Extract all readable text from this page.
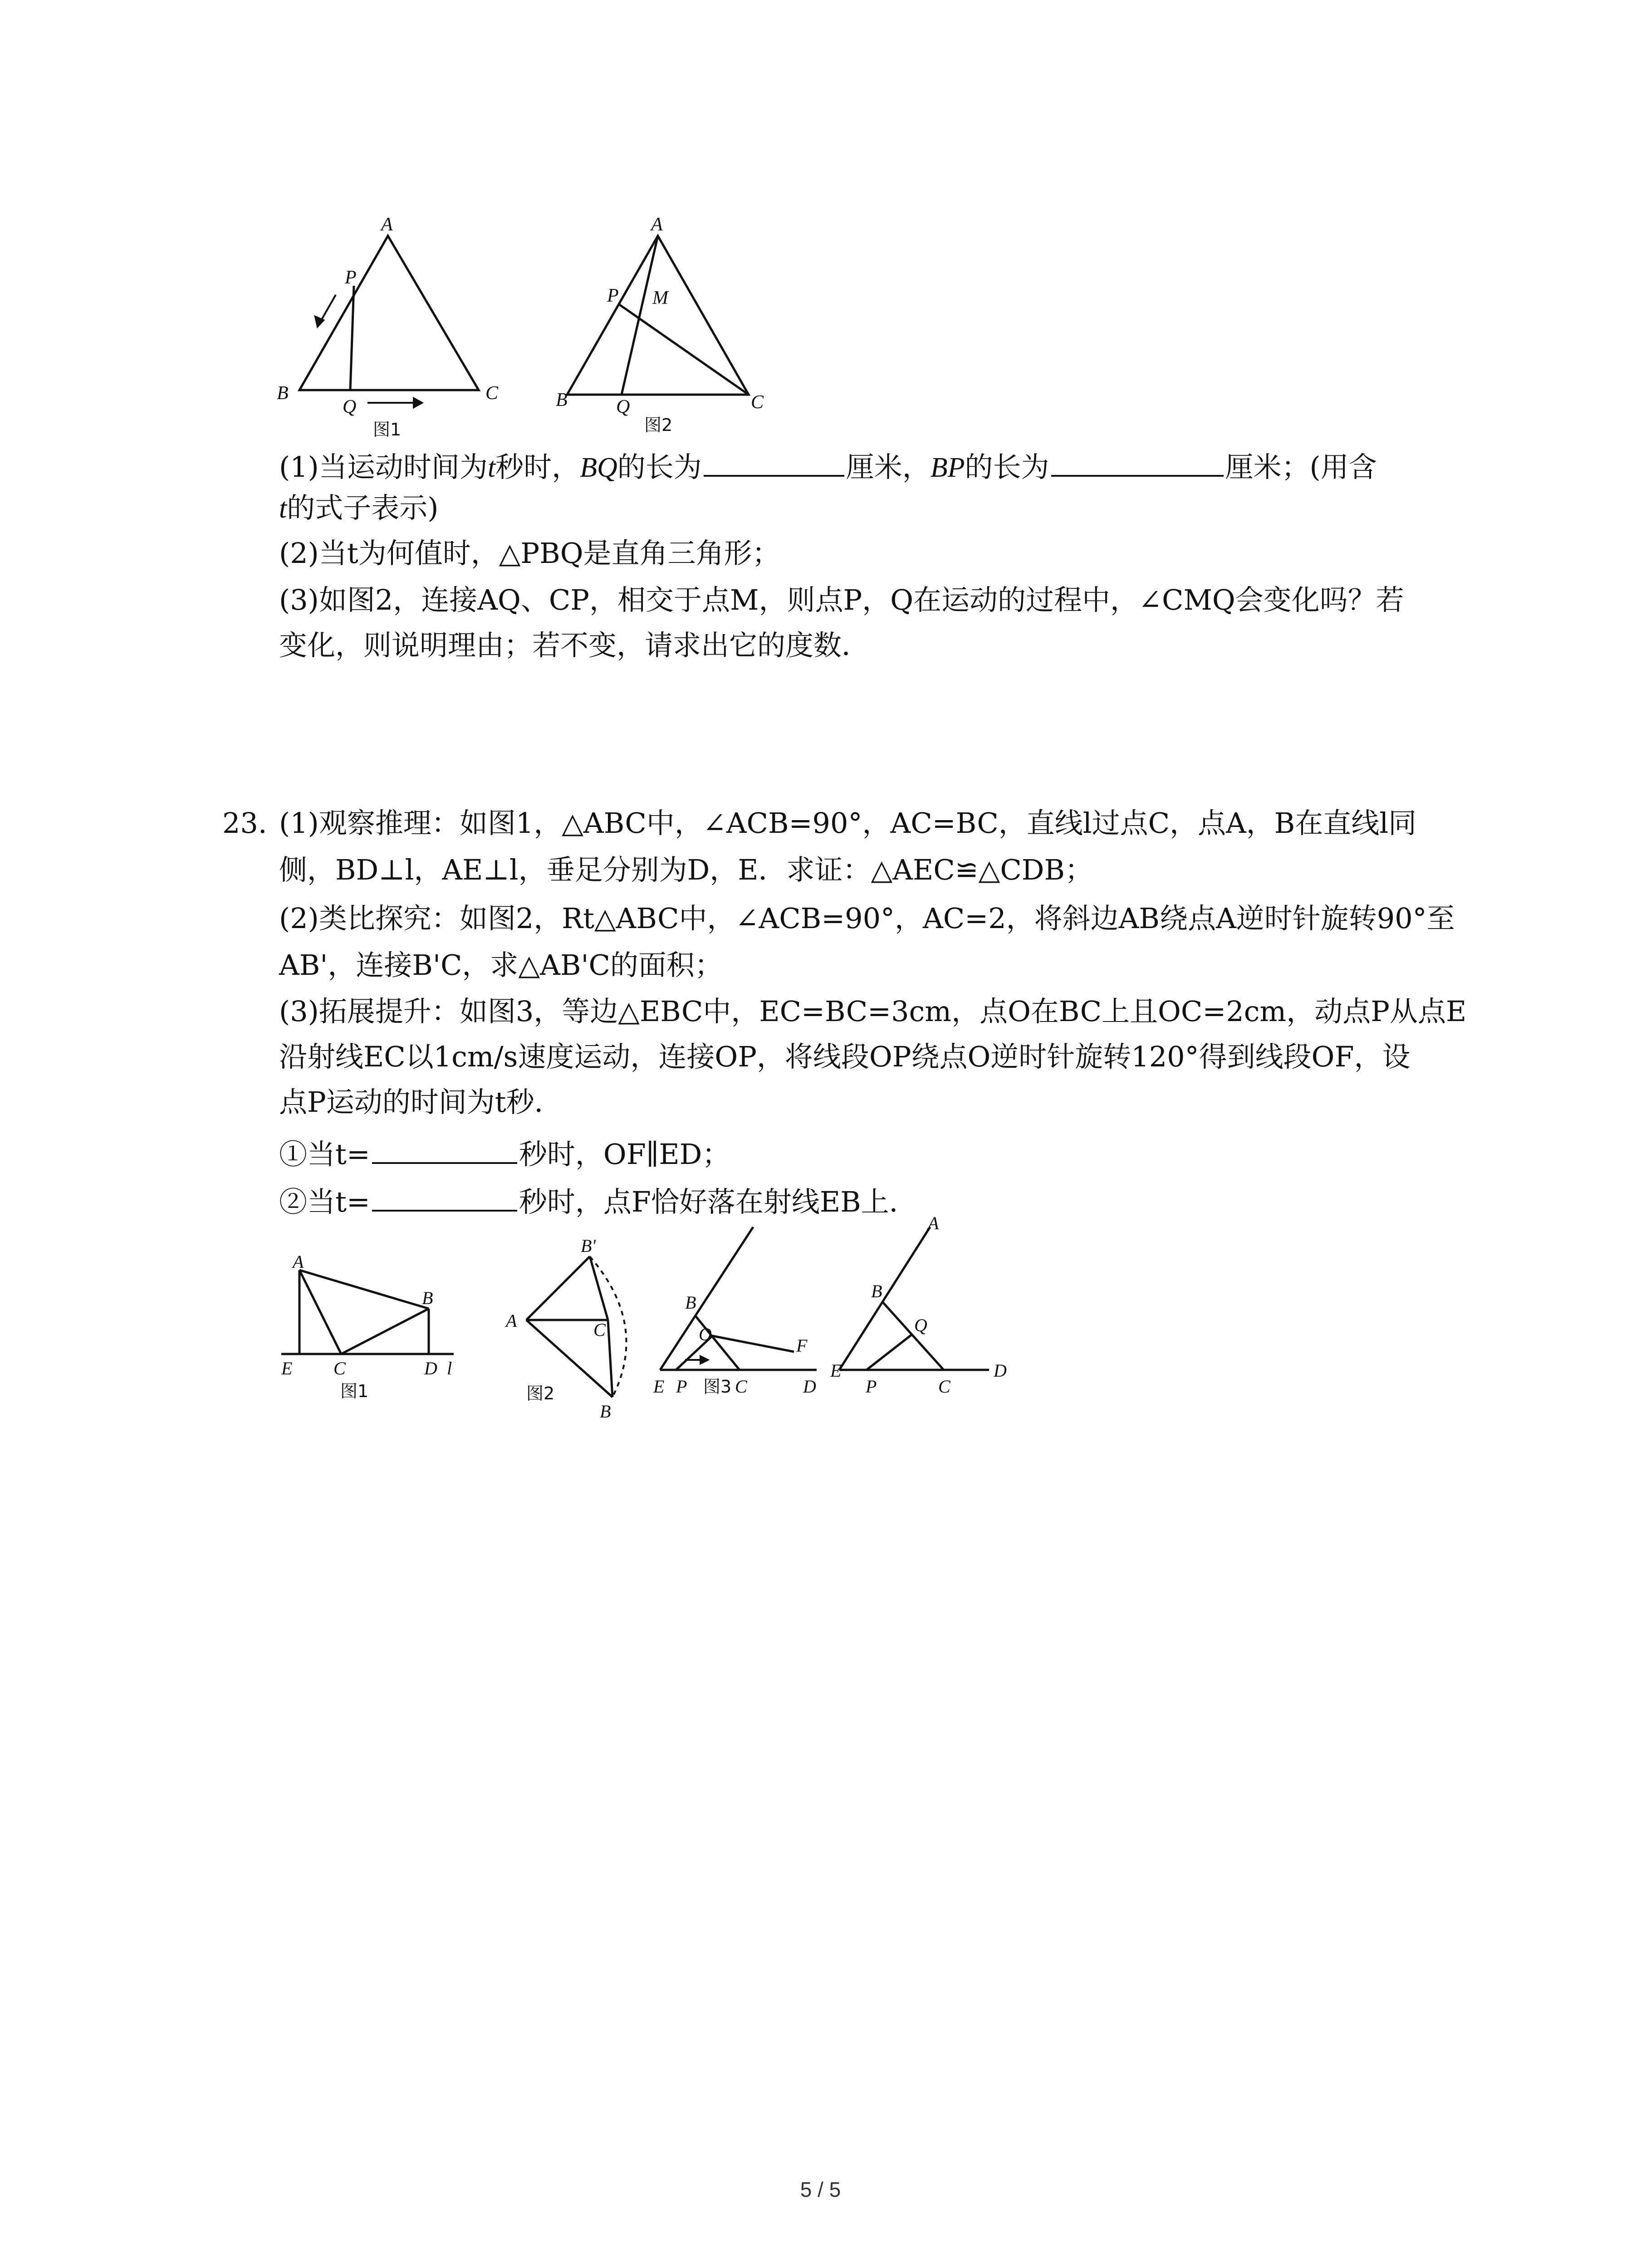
A
P
B
Q
C
图1
A
P M
B	Q	C
图2
(1)当运动时间为t秒时，BQ的长为	厘米，BP的长为	厘米；(用含
t的式子表示)
(2)当t为何值时，△PBQ是直角三角形；
(3)如图2，连接AQ、CP，相交于点M，则点P，Q在运动的过程中，∠CMQ会变化吗？若
变化，则说明理由；若不变，请求出它的度数．
23. (1)观察推理：如图1，△ABC中，∠ACB=90°，AC=BC，直线l过点C，点A，B在直线l同
侧，BD⊥l，AE⊥l，垂足分别为D，E．求证：△AEC≌△CDB；
(2)类比探究：如图2，Rt△ABC中，∠ACB=90°，AC=2，将斜边AB绕点A逆时针旋转90°至
AB'，连接B'C，求△AB'C的面积；
(3)拓展提升：如图3，等边△EBC中，EC=BC=3cm，点O在BC上且OC=2cm，动点P从点E
沿射线EC以1cm/s速度运动，连接OP，将线段OP绕点O逆时针旋转120°得到线段OF，设
点P运动的时间为t秒．
①当t=	秒时，OF∥ED；
②当t=	秒时，点F恰好落在射线EB上．
A
B
E C	D l
图1
B'
A	C
B
图2
B
O
F
E P	C	D
图3
A
B
Q
E
P	C
D
5 / 5
